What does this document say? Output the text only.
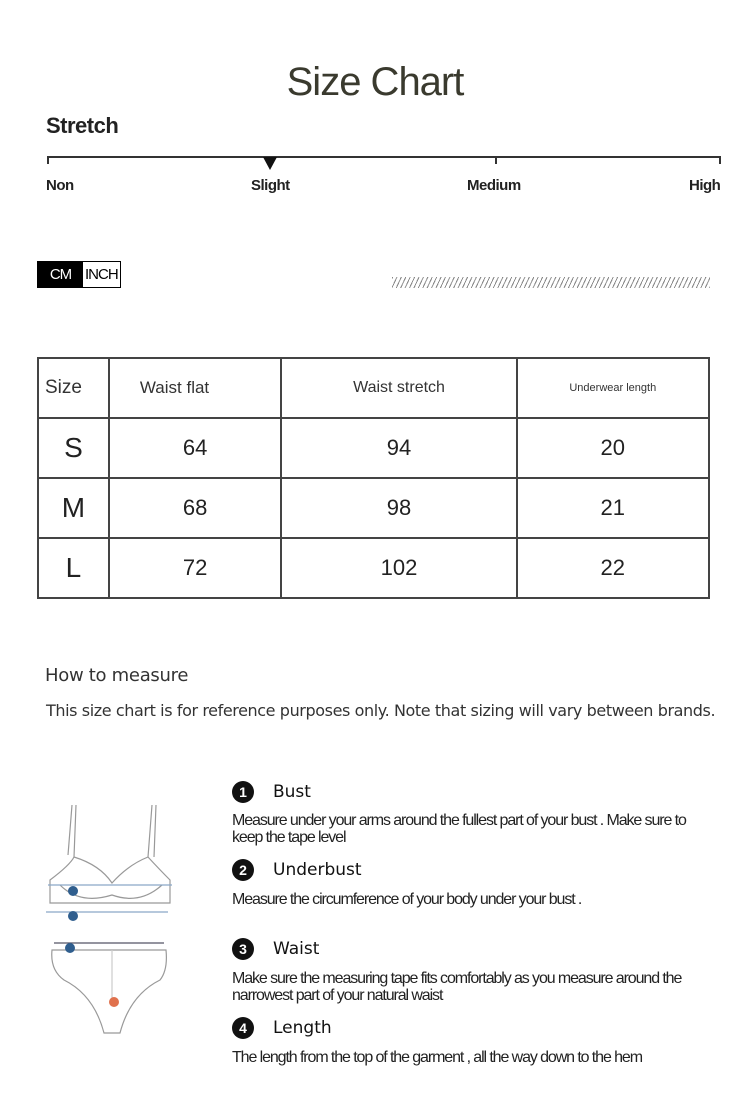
Size Chart
Stretch
Non	Slight	Medium	High
CM INCH
Size	Waist flat	Waist stretch	Underwear length
S	64	94	20
M	68	98	21
L	72	102	22
How to measure
This size chart is for reference purposes only. Note that sizing will vary between brands.
1	Bust
Measure under your arms around the fullest part of your bust . Make sure to keep the tape level
2	Underbust
Measure the circumference of your body under your bust .
3	Waist
Make sure the measuring tape fits comfortably as you measure around the narrowest part of your natural waist
4	Length
The length from the top of the garment , all the way down to the hem
